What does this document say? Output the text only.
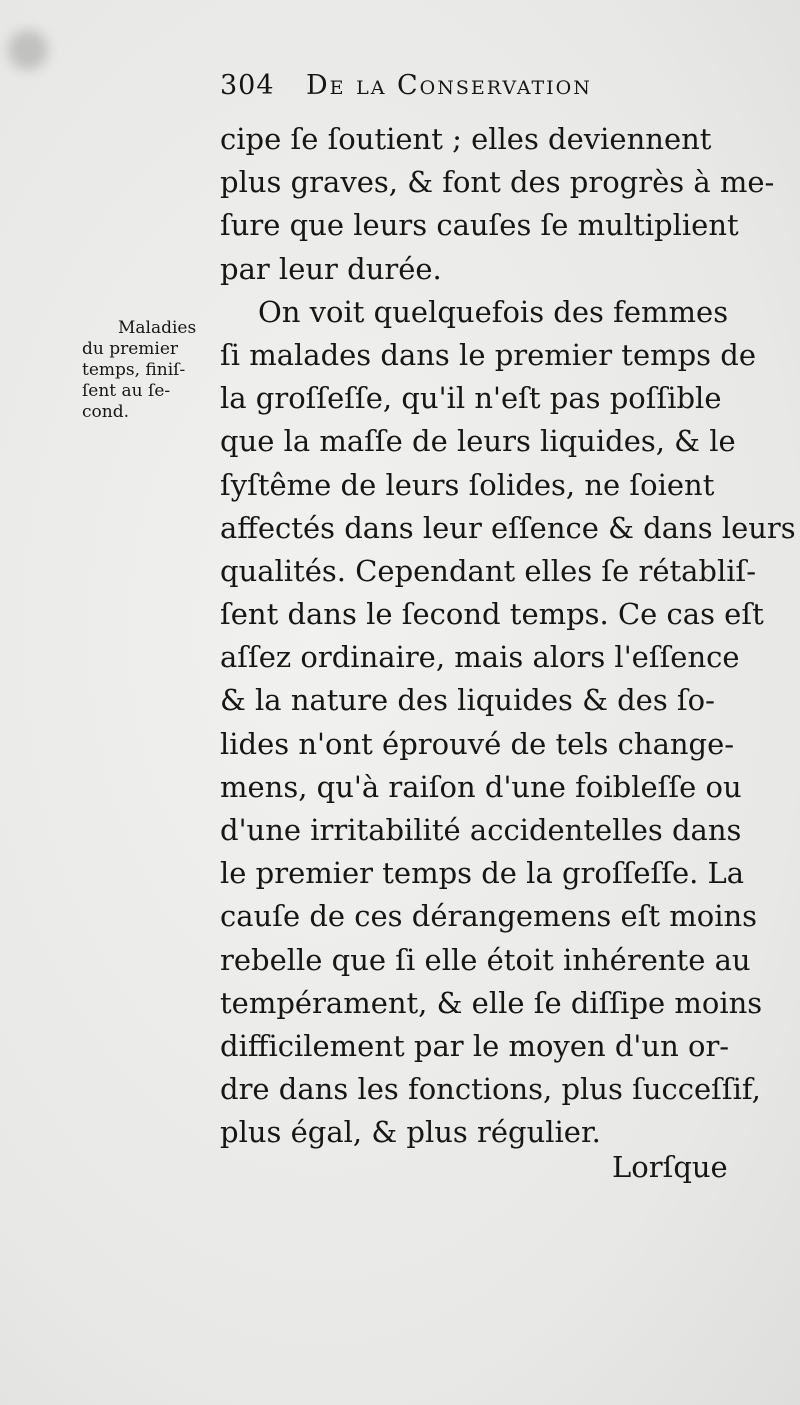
304 De la Conservation
Maladies
du premier
temps, finiſ-
ſent au ſe-
cond.
cipe ſe ſoutient ; elles deviennent
plus graves, & font des progrès à me-
ſure que leurs cauſes ſe multiplient
par leur durée.
On voit quelquefois des femmes
ſi malades dans le premier temps de
la groſſeſſe, qu'il n'eſt pas poſſible
que la maſſe de leurs liquides, & le
ſyſtême de leurs ſolides, ne ſoient
affectés dans leur eſſence & dans leurs
qualités. Cependant elles ſe rétabliſ-
ſent dans le ſecond temps. Ce cas eſt
aſſez ordinaire, mais alors l'eſſence
& la nature des liquides & des ſo-
lides n'ont éprouvé de tels change-
mens, qu'à raiſon d'une foibleſſe ou
d'une irritabilité accidentelles dans
le premier temps de la groſſeſſe. La
cauſe de ces dérangemens eſt moins
rebelle que ſi elle étoit inhérente au
tempérament, & elle ſe diſſipe moins
difficilement par le moyen d'un or-
dre dans les fonctions, plus ſucceſſif,
plus égal, & plus régulier.
Lorſque
